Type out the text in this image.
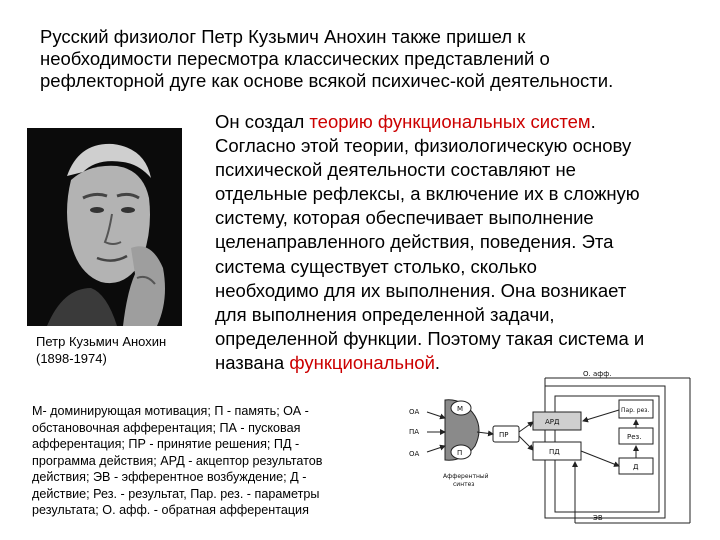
Русский физиолог Петр Кузьмич Анохин также пришел к
необходимости пересмотра классических представлений о
рефлекторной дуге как основе всякой психичес-кой деятельности.
Петр Кузьмич Анохин
(1898-1974)
Он создал теорию функциональных систем.
Согласно этой теории, физиологическую основу
психической деятельности составляют не
отдельные рефлексы, а включение их в сложную
систему, которая обеспечивает выполнение
целенаправленного действия, поведения. Эта
система существует столько, сколько
необходимо для их выполнения. Она возникает
для выполнения определенной задачи,
определенной функции. Поэтому такая система и
названа функциональной.
М- доминирующая мотивация; П - память; ОА -
обстановочная афферентация; ПА - пусковая
афферентация; ПР - принятие решения; ПД -
программа действия; АРД - акцептор результатов
действия; ЭВ - эфферентное возбуждение; Д -
действие; Рез. - результат, Пар. рез. - параметры
результата; О. афф. - обратная афферентация
О. афф.
ОА
ПА
ОА
М
П
ПР
АРД
ПД
Пар. рез.
Рез.
Д
Афферентный
синтез
ЭВ
